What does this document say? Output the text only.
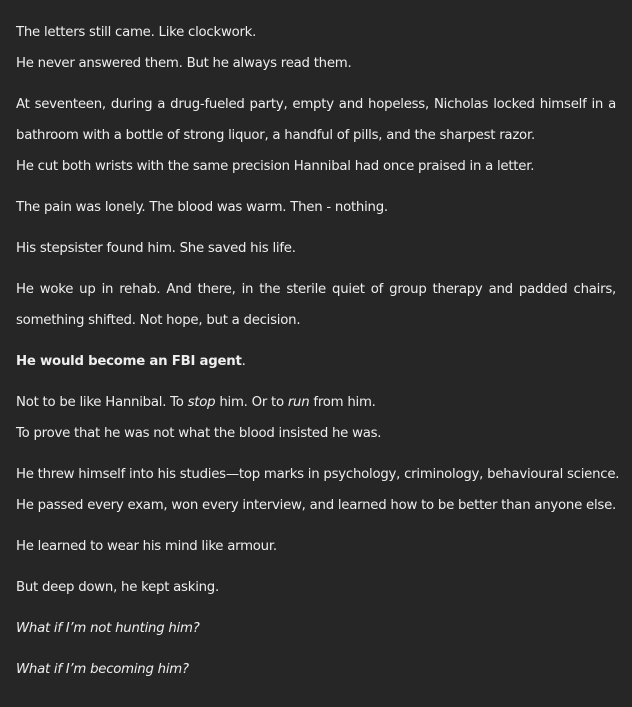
The letters still came. Like clockwork.
He never answered them. But he always read them.
At seventeen, during a drug-fueled party, empty and hopeless, Nicholas locked himself in a bathroom with a bottle of strong liquor, a handful of pills, and the sharpest razor.
He cut both wrists with the same precision Hannibal had once praised in a letter.
The pain was lonely. The blood was warm. Then - nothing.
His stepsister found him. She saved his life.
He woke up in rehab. And there, in the sterile quiet of group therapy and padded chairs, something shifted. Not hope, but a decision.
He would become an FBI agent.
Not to be like Hannibal. To stop him. Or to run from him.
To prove that he was not what the blood insisted he was.
He threw himself into his studies—top marks in psychology, criminology, behavioural science.
He passed every exam, won every interview, and learned how to be better than anyone else.
He learned to wear his mind like armour.
But deep down, he kept asking.
What if I’m not hunting him?
What if I’m becoming him?
